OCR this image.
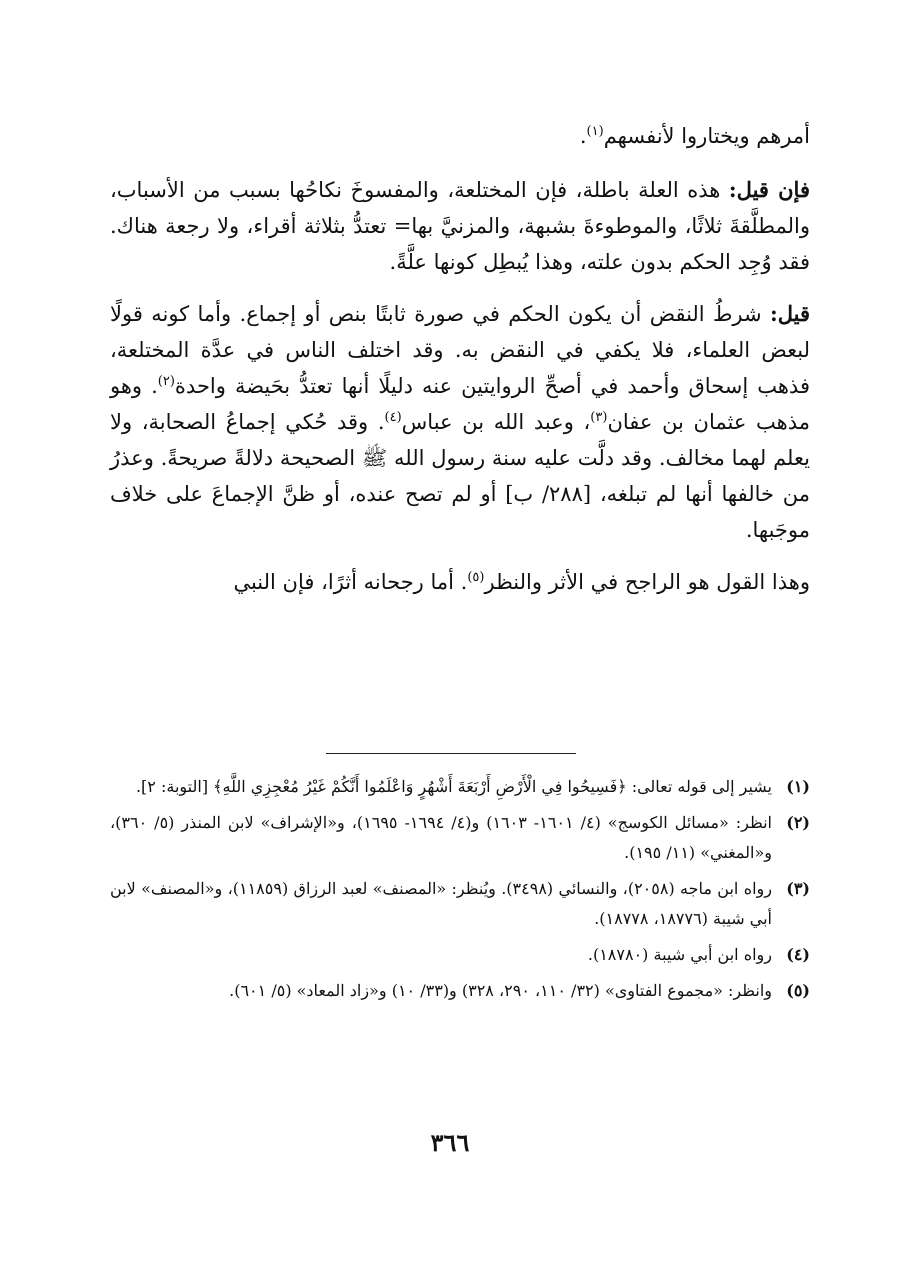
أمرهم ويختاروا لأنفسهم$^{(١)}$.

فإن قيل: هذه العلة باطلة، فإن المختلعة، والمفسوخَ نكاحُها بسبب من الأسباب، والمطلَّقةَ ثلاثًا، والموطوءةَ بشبهة، والمزنيَّ بها= تعتدُّ بثلاثة أقراء، ولا رجعة هناك. فقد وُجِد الحكم بدون علته، وهذا يُبطِل كونها علَّةً.

قيل: شرطُ النقض أن يكون الحكم في صورة ثابتًا بنص أو إجماع. وأما كونه قولًا لبعض العلماء، فلا يكفي في النقض به. وقد اختلف الناس في عدَّة المختلعة، فذهب إسحاق وأحمد في أصحِّ الروايتين عنه دليلًا أنها تعتدُّ بحَيضة واحدة$^{(٢)}$. وهو مذهب عثمان بن عفان$^{(٣)}$، وعبد الله بن عباس$^{(٤)}$. وقد حُكي إجماعُ الصحابة، ولا يعلم لهما مخالف. وقد دلَّت عليه سنة رسول الله ﷺ الصحيحة دلالةً صريحةً. وعذرُ من خالفها أنها لم تبلغه، [٢٨٨/ ب] أو لم تصح عنده، أو ظنَّ الإجماعَ على خلاف موجَبها.

وهذا القول هو الراجح في الأثر والنظر$^{(٥)}$. أما رجحانه أثرًا، فإن النبي

(١)
يشير إلى قوله تعالى: ﴿فَسِيحُوا فِي الْأَرْضِ أَرْبَعَةَ أَشْهُرٍ وَاعْلَمُوا أَنَّكُمْ غَيْرُ مُعْجِزِي اللَّهِ﴾ [التوبة: ٢].
(٢)
انظر: «مسائل الكوسج» (٤/ ١٦٠١- ١٦٠٣) و(٤/ ١٦٩٤- ١٦٩٥)، و«الإشراف» لابن المنذر (٥/ ٣٦٠)، و«المغني» (١١/ ١٩٥).
(٣)
رواه ابن ماجه (٢٠٥٨)، والنسائي (٣٤٩٨). ويُنظر: «المصنف» لعبد الرزاق (١١٨٥٩)، و«المصنف» لابن أبي شيبة (١٨٧٧٦، ١٨٧٧٨).
(٤)
رواه ابن أبي شيبة (١٨٧٨٠).
(٥)
وانظر: «مجموع الفتاوى» (٣٢/ ١١٠، ٢٩٠، ٣٢٨) و(٣٣/ ١٠) و«زاد المعاد» (٥/ ٦٠١).
٣٦٦
